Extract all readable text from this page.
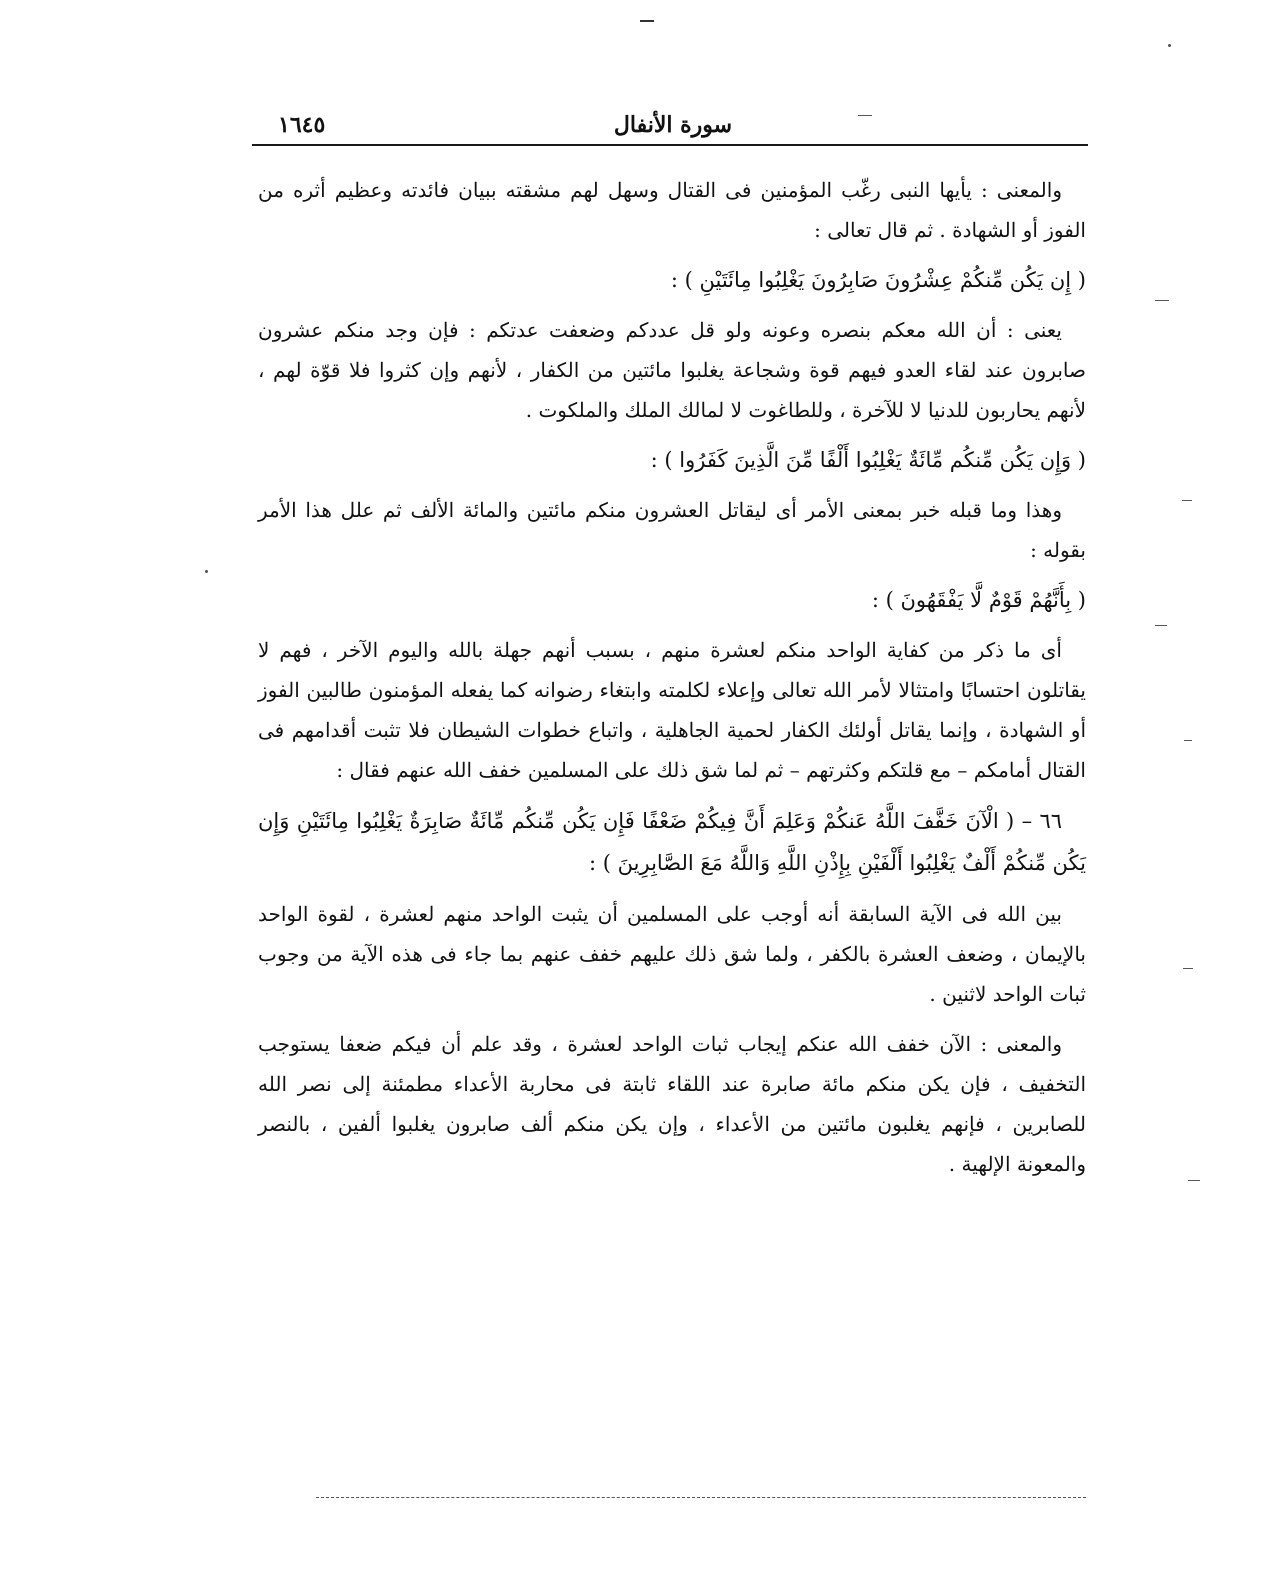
سورة الأنفال
١٦٤٥

والمعنى : يأيها النبى رغّب المؤمنين فى القتال وسهل لهم مشقته ببيان فائدته وعظيم أثره من الفوز أو الشهادة . ثم قال تعالى :

( إِن يَكُن مِّنكُمْ عِشْرُونَ صَابِرُونَ يَغْلِبُوا مِائَتَيْنِ ) :

يعنى : أن الله معكم بنصره وعونه ولو قل عددكم وضعفت عدتكم : فإن وجد منكم عشرون صابرون عند لقاء العدو فيهم قوة وشجاعة يغلبوا مائتين من الكفار ، لأنهم وإن كثروا فلا قوّة لهم ، لأنهم يحاربون للدنيا لا للآخرة ، وللطاغوت لا لمالك الملك والملكوت .

( وَإِن يَكُن مِّنكُم مِّائَةٌ يَغْلِبُوا أَلْفًا مِّنَ الَّذِينَ كَفَرُوا ) :

وهذا وما قبله خبر بمعنى الأمر أى ليقاتل العشرون منكم مائتين والمائة الألف ثم علل هذا الأمر بقوله :

( بِأَنَّهُمْ قَوْمٌ لَّا يَفْقَهُونَ ) :

أى ما ذكر من كفاية الواحد منكم لعشرة منهم ، بسبب أنهم جهلة بالله واليوم الآخر ، فهم لا يقاتلون احتسابًا وامتثالا لأمر الله تعالى وإعلاء لكلمته وابتغاء رضوانه كما يفعله المؤمنون طالبين الفوز أو الشهادة ، وإنما يقاتل أولئك الكفار لحمية الجاهلية ، واتباع خطوات الشيطان فلا تثبت أقدامهم فى القتال أمامكم – مع قلتكم وكثرتهم – ثم لما شق ذلك على المسلمين خفف الله عنهم فقال :

٦٦ – ( الْآنَ خَفَّفَ اللَّهُ عَنكُمْ وَعَلِمَ أَنَّ فِيكُمْ ضَعْفًا فَإِن يَكُن مِّنكُم مِّائَةٌ صَابِرَةٌ يَغْلِبُوا مِائَتَيْنِ وَإِن يَكُن مِّنكُمْ أَلْفٌ يَغْلِبُوا أَلْفَيْنِ بِإِذْنِ اللَّهِ وَاللَّهُ مَعَ الصَّابِرِينَ ) :

بين الله فى الآية السابقة أنه أوجب على المسلمين أن يثبت الواحد منهم لعشرة ، لقوة الواحد بالإيمان ، وضعف العشرة بالكفر ، ولما شق ذلك عليهم خفف عنهم بما جاء فى هذه الآية من وجوب ثبات الواحد لاثنين .

والمعنى : الآن خفف الله عنكم إيجاب ثبات الواحد لعشرة ، وقد علم أن فيكم ضعفا يستوجب التخفيف ، فإن يكن منكم مائة صابرة عند اللقاء ثابتة فى محاربة الأعداء مطمئنة إلى نصر الله للصابرين ، فإنهم يغلبون مائتين من الأعداء ، وإن يكن منكم ألف صابرون يغلبوا ألفين ، بالنصر والمعونة الإلهية .
